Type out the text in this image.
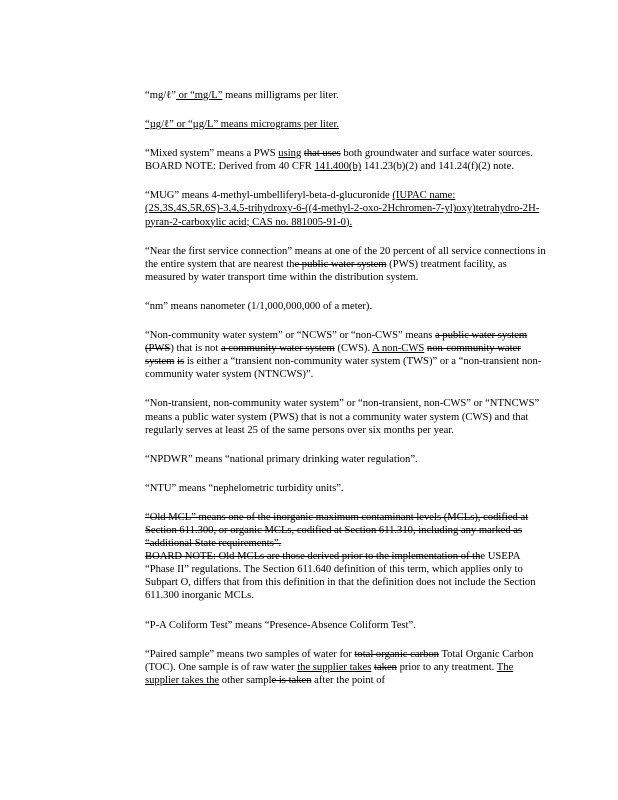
“mg/ℓ” or “mg/L” means milligrams per liter.

“µg/ℓ” or “µg/L” means micrograms per liter.

“Mixed system” means a PWS using that uses both groundwater and surface water sources.
BOARD NOTE: Derived from 40 CFR 141.400(b) 141.23(b)(2) and 141.24(f)(2) note.

“MUG” means 4-methyl-umbelliferyl-beta-d-glucuronide (IUPAC name: (2S,3S,4S,5R,6S)-3,4,5-trihydroxy-6-((4-methyl-2-oxo-2Hchromen-7-yl)oxy)tetrahydro-2H-pyran-2-carboxylic acid; CAS no. 881005-91-0).

“Near the first service connection” means at one of the 20 percent of all service connections in the entire system that are nearest the public water system (PWS) treatment facility, as measured by water transport time within the distribution system.

“nm” means nanometer (1/1,000,000,000 of a meter).

“Non-community water system” or “NCWS” or “non-CWS” means a public water system (PWS) that is not a community water system (CWS). A non-CWS non-community water system is is either a “transient non-community water system (TWS)” or a “non-transient non-community water system (NTNCWS)”.

“Non-transient, non-community water system” or “non-transient, non-CWS” or “NTNCWS” means a public water system (PWS) that is not a community water system (CWS) and that regularly serves at least 25 of the same persons over six months per year.

“NPDWR” means “national primary drinking water regulation”.

“NTU” means “nephelometric turbidity units”.

“Old MCL” means one of the inorganic maximum contaminant levels (MCLs), codified at Section 611.300, or organic MCLs, codified at Section 611.310, including any marked as “additional State requirements”.
BOARD NOTE: Old MCLs are those derived prior to the implementation of the USEPA “Phase II” regulations. The Section 611.640 definition of this term, which applies only to Subpart O, differs that from this definition in that the definition does not include the Section 611.300 inorganic MCLs.

“P-A Coliform Test” means “Presence-Absence Coliform Test”.

“Paired sample” means two samples of water for total organic carbon Total Organic Carbon (TOC). One sample is of raw water the supplier takes taken prior to any treatment. The supplier takes the other sample is taken after the point of
